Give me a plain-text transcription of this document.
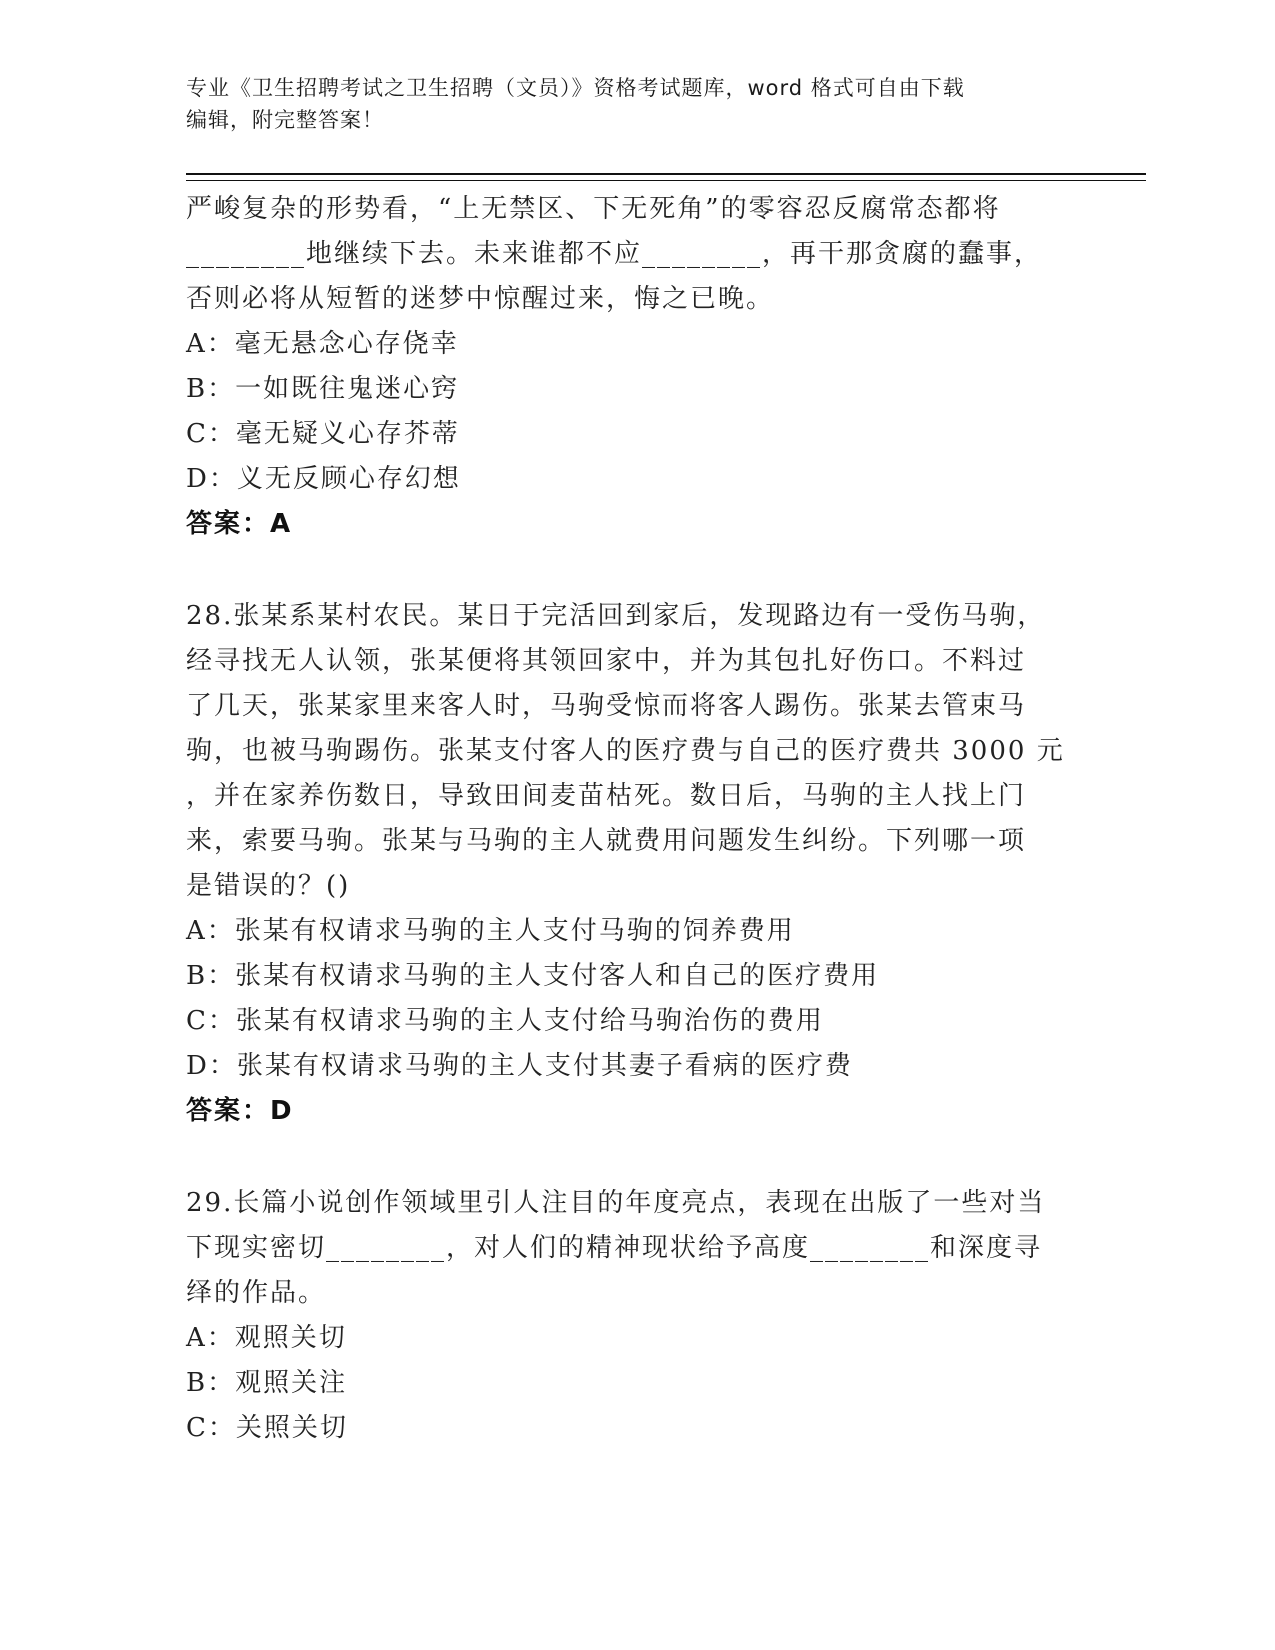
专业《卫生招聘考试之卫生招聘（文员）》资格考试题库，word 格式可自由下载
编辑，附完整答案！

严峻复杂的形势看，“上无禁区、下无死角”的零容忍反腐常态都将

________地继续下去。未来谁都不应________，再干那贪腐的蠢事，

否则必将从短暂的迷梦中惊醒过来，悔之已晚。

A：毫无悬念心存侥幸

B：一如既往鬼迷心窍

C：毫无疑义心存芥蒂

D：义无反顾心存幻想

答案：A

28.张某系某村农民。某日于完活回到家后，发现路边有一受伤马驹，

经寻找无人认领，张某便将其领回家中，并为其包扎好伤口。不料过

了几天，张某家里来客人时，马驹受惊而将客人踢伤。张某去管束马

驹，也被马驹踢伤。张某支付客人的医疗费与自己的医疗费共 3000 元

，并在家养伤数日，导致田间麦苗枯死。数日后，马驹的主人找上门

来，索要马驹。张某与马驹的主人就费用问题发生纠纷。下列哪一项

是错误的？()

A：张某有权请求马驹的主人支付马驹的饲养费用

B：张某有权请求马驹的主人支付客人和自己的医疗费用

C：张某有权请求马驹的主人支付给马驹治伤的费用

D：张某有权请求马驹的主人支付其妻子看病的医疗费

答案：D

29.长篇小说创作领域里引人注目的年度亮点，表现在出版了一些对当

下现实密切________，对人们的精神现状给予高度________和深度寻

绎的作品。

A：观照关切

B：观照关注

C：关照关切
